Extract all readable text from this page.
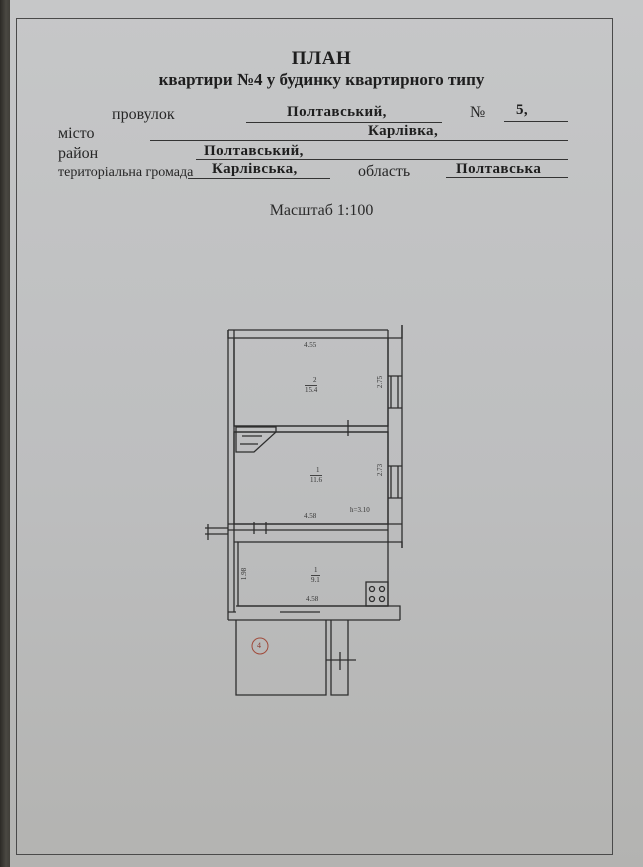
ПЛАН
квартири №4 у будинку квартирного типу
провулок	Полтавський,	№ 5,
місто	Карлівка,
район	Полтавський,
територіальна громада Карлівська,	область	Полтавська
Масштаб 1:100
4.55
2
15.4
2.75
1
11.6
2.73
4.58
h=3.10
1
9.1
1.98
4.58
4
